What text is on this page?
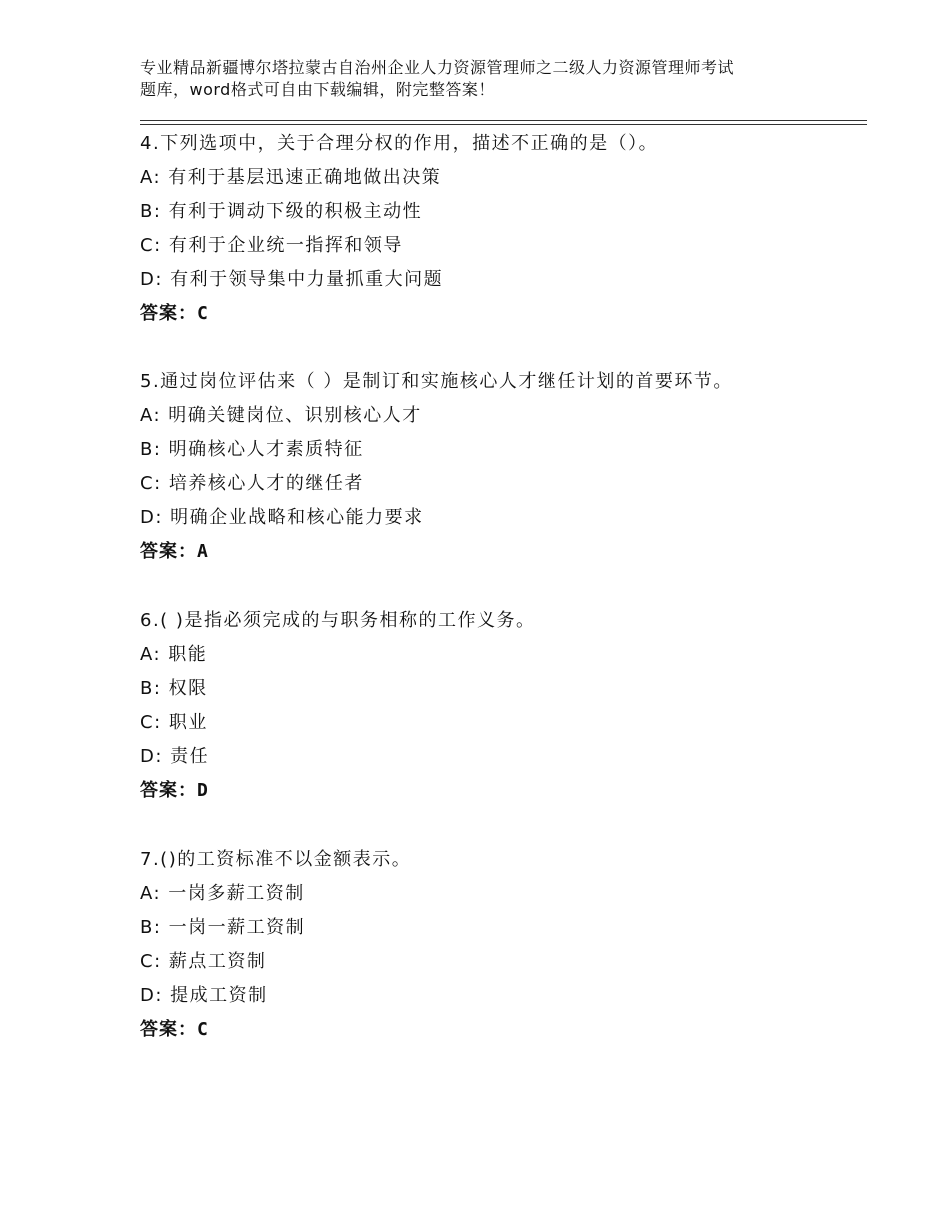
专业精品新疆博尔塔拉蒙古自治州企业人力资源管理师之二级人力资源管理师考试
题库，word格式可自由下载编辑，附完整答案！
4.下列选项中，关于合理分权的作用，描述不正确的是（）。
A: 有利于基层迅速正确地做出决策
B: 有利于调动下级的积极主动性
C: 有利于企业统一指挥和领导
D: 有利于领导集中力量抓重大问题
答案：C
5.通过岗位评估来（ ）是制订和实施核心人才继任计划的首要环节。
A: 明确关键岗位、识别核心人才
B: 明确核心人才素质特征
C: 培养核心人才的继任者
D: 明确企业战略和核心能力要求
答案：A
6.( )是指必须完成的与职务相称的工作义务。
A: 职能
B: 权限
C: 职业
D: 责任
答案：D
7.()的工资标准不以金额表示。
A: 一岗多薪工资制
B: 一岗一薪工资制
C: 薪点工资制
D: 提成工资制
答案：C
